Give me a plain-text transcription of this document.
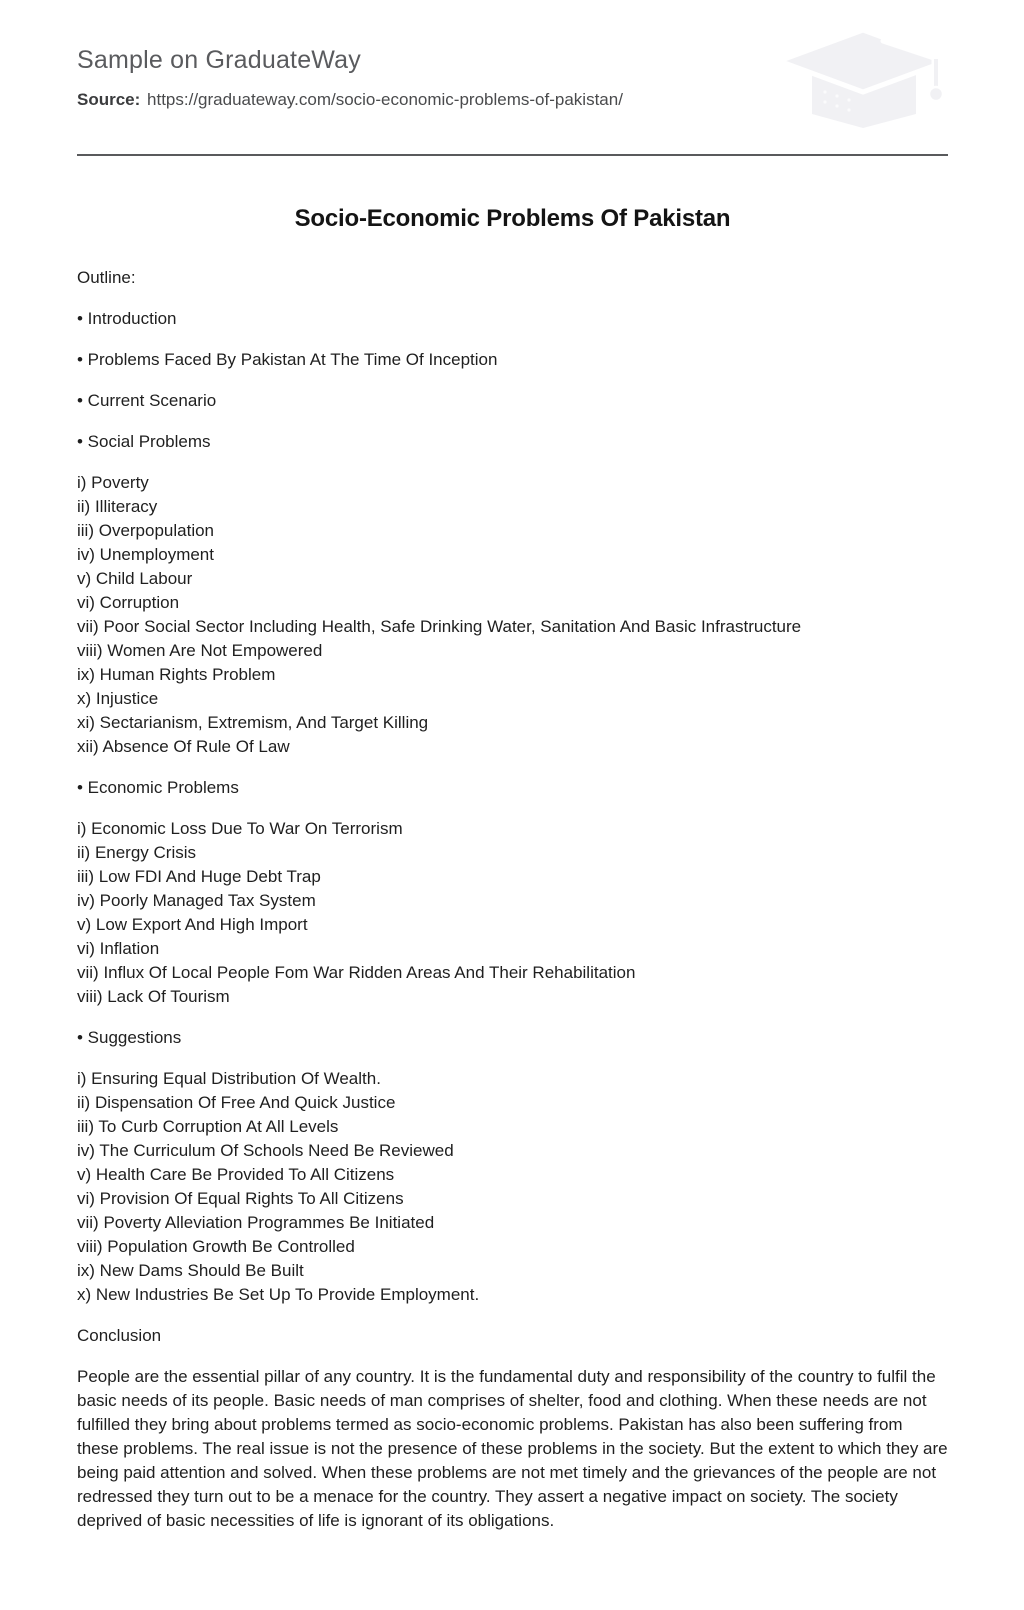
Sample on GraduateWay

Source: https://graduateway.com/socio-economic-problems-of-pakistan/

Socio-Economic Problems Of Pakistan

Outline:

• Introduction

• Problems Faced By Pakistan At The Time Of Inception

• Current Scenario

• Social Problems

i) Poverty
ii) Illiteracy
iii) Overpopulation
iv) Unemployment
v) Child Labour
vi) Corruption
vii) Poor Social Sector Including Health, Safe Drinking Water, Sanitation And Basic Infrastructure
viii) Women Are Not Empowered
ix) Human Rights Problem
x) Injustice
xi) Sectarianism, Extremism, And Target Killing
xii) Absence Of Rule Of Law

• Economic Problems

i) Economic Loss Due To War On Terrorism
ii) Energy Crisis
iii) Low FDI And Huge Debt Trap
iv) Poorly Managed Tax System
v) Low Export And High Import
vi) Inflation
vii) Influx Of Local People Fom War Ridden Areas And Their Rehabilitation
viii) Lack Of Tourism

• Suggestions

i) Ensuring Equal Distribution Of Wealth.
ii) Dispensation Of Free And Quick Justice
iii) To Curb Corruption At All Levels
iv) The Curriculum Of Schools Need Be Reviewed
v) Health Care Be Provided To All Citizens
vi) Provision Of Equal Rights To All Citizens
vii) Poverty Alleviation Programmes Be Initiated
viii) Population Growth Be Controlled
ix) New Dams Should Be Built
x) New Industries Be Set Up To Provide Employment.

Conclusion

People are the essential pillar of any country. It is the fundamental duty and responsibility of the country to fulfil the basic needs of its people. Basic needs of man comprises of shelter, food and clothing. When these needs are not fulfilled they bring about problems termed as socio-economic problems. Pakistan has also been suffering from these problems. The real issue is not the presence of these problems in the society. But the extent to which they are being paid attention and solved. When these problems are not met timely and the grievances of the people are not redressed they turn out to be a menace for the country. They assert a negative impact on society. The society deprived of basic necessities of life is ignorant of its obligations.
